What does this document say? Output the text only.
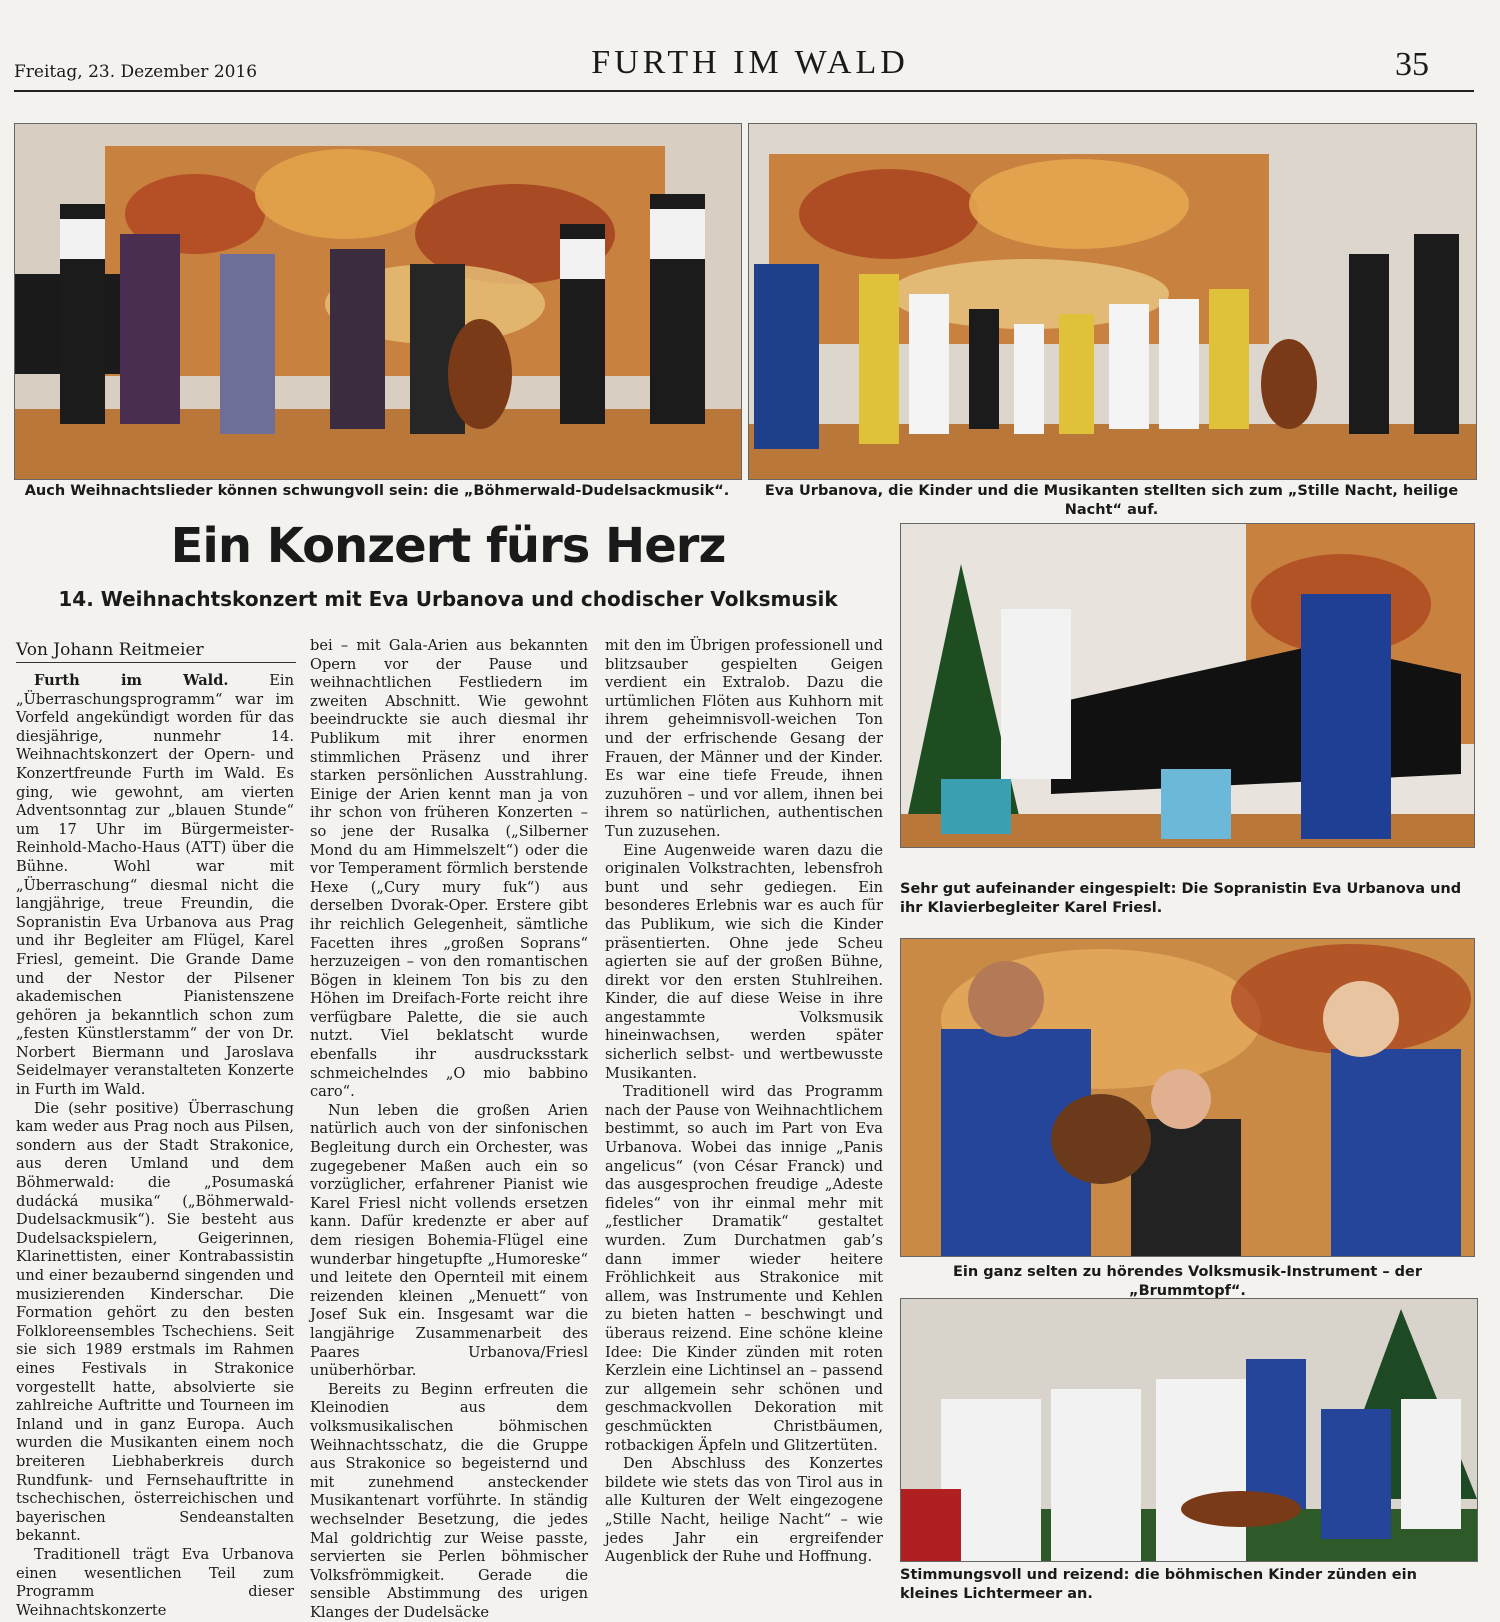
Freitag, 23. Dezember 2016	FURTH IM WALD	35
Auch Weihnachtslieder können schwungvoll sein: die „Böhmerwald-Dudelsackmusik“.	Eva Urbanova, die Kinder und die Musikanten stellten sich zum „Stille Nacht, heilige Nacht“ auf.
Ein Konzert fürs Herz
14. Weihnachtskonzert mit Eva Urbanova und chodischer Volksmusik
Von Johann Reitmeier

Furth im Wald.	Ein „Überraschungsprogramm“ war im Vorfeld angekündigt worden für das diesjährige, nunmehr 14. Weihnachtskonzert der Opern- und Konzertfreunde Furth im Wald. Es ging, wie gewohnt, am vierten Adventsonntag zur „blauen Stunde“ um 17 Uhr im Bürgermeister-Reinhold-Macho-Haus (ATT) über die Bühne. Wohl war mit „Überraschung“ diesmal nicht die langjährige, treue Freundin, die Sopranistin Eva Urbanova aus Prag und ihr Begleiter am Flügel, Karel Friesl, gemeint. Die Grande Dame und der Nestor der Pilsener akademischen Pianistenszene gehören ja bekanntlich schon zum „festen Künstlerstamm“ der von Dr. Norbert Biermann und Jaroslava Seidelmayer veranstalteten Konzerte in Furth im Wald.

Die (sehr positive) Überraschung kam weder aus Prag noch aus Pilsen, sondern aus der Stadt Strakonice, aus deren Umland und dem Böhmerwald: die „Posumaská dudácká musika“ („Böhmerwald-Dudelsackmusik“). Sie besteht aus Dudelsackspielern, Geigerinnen, Klarinettisten, einer Kontrabassistin und einer bezaubernd singenden und musizierenden Kinderschar. Die Formation gehört zu den besten Folkloreensembles Tschechiens. Seit sie sich 1989 erstmals im Rahmen eines Festivals in Strakonice vorgestellt hatte, absolvierte sie zahlreiche Auftritte und Tourneen im Inland und in ganz Europa. Auch wurden die Musikanten einem noch breiteren Liebhaberkreis durch Rundfunk- und Fernsehauftritte in tschechischen, österreichischen und bayerischen Sendeanstalten bekannt.

Traditionell trägt Eva Urbanova einen wesentlichen Teil zum Programm dieser Weihnachtskonzerte

bei – mit Gala-Arien aus bekannten Opern vor der Pause und weihnachtlichen Festliedern im zweiten Abschnitt. Wie gewohnt beeindruckte sie auch diesmal ihr Publikum mit ihrer enormen stimmlichen Präsenz und ihrer starken persönlichen Ausstrahlung. Einige der Arien kennt man ja von ihr schon von früheren Konzerten – so jene der Rusalka („Silberner Mond du am Himmelszelt“) oder die vor Temperament förmlich berstende Hexe („Cury mury fuk“) aus derselben Dvorak-Oper. Erstere gibt ihr reichlich Gelegenheit, sämtliche Facetten ihres „großen Soprans“ herzuzeigen – von den romantischen Bögen in kleinem Ton bis zu den Höhen im Dreifach-Forte reicht ihre verfügbare Palette, die sie auch nutzt. Viel beklatscht wurde ebenfalls ihr ausdrucksstark schmeichelndes „O mio babbino caro“.

Nun leben die großen Arien natürlich auch von der sinfonischen Begleitung durch ein Orchester, was zugegebener Maßen auch ein so vorzüglicher, erfahrener Pianist wie Karel Friesl nicht vollends ersetzen kann. Dafür kredenzte er aber auf dem riesigen Bohemia-Flügel eine wunderbar hingetupfte „Humoreske“ und leitete den Opernteil mit einem reizenden kleinen „Menuett“ von Josef Suk ein. Insgesamt war die langjährige Zusammenarbeit des Paares Urbanova/Friesl unüberhörbar.

Bereits zu Beginn erfreuten die Kleinodien aus dem volksmusikalischen böhmischen Weihnachtsschatz, die die Gruppe aus Strakonice so begeisternd und mit zunehmend ansteckender Musikantenart vorführte. In ständig wechselnder Besetzung, die jedes Mal goldrichtig zur Weise passte, servierten sie Perlen böhmischer Volksfrömmigkeit. Gerade die sensible Abstimmung des urigen Klanges der Dudelsäcke

mit den im Übrigen professionell und blitzsauber gespielten Geigen verdient ein Extralob. Dazu die urtümlichen Flöten aus Kuhhorn mit ihrem geheimnisvoll-weichen Ton und der erfrischende Gesang der Frauen, der Männer und der Kinder. Es war eine tiefe Freude, ihnen zuzuhören – und vor allem, ihnen bei ihrem so natürlichen, authentischen Tun zuzusehen.

Eine Augenweide waren dazu die originalen Volkstrachten, lebensfroh bunt und sehr gediegen. Ein besonderes Erlebnis war es auch für das Publikum, wie sich die Kinder präsentierten. Ohne jede Scheu agierten sie auf der großen Bühne, direkt vor den ersten Stuhlreihen. Kinder, die auf diese Weise in ihre angestammte Volksmusik hineinwachsen, werden später sicherlich selbst- und wertbewusste Musikanten.

Traditionell wird das Programm nach der Pause von Weihnachtlichem bestimmt, so auch im Part von Eva Urbanova. Wobei das innige „Panis angelicus“ (von César Franck) und das ausgesprochen freudige „Adeste fideles“ von ihr einmal mehr mit „festlicher Dramatik“ gestaltet wurden. Zum Durchatmen gab’s dann immer wieder heitere Fröhlichkeit aus Strakonice mit allem, was Instrumente und Kehlen zu bieten hatten – beschwingt und überaus reizend. Eine schöne kleine Idee: Die Kinder zünden mit roten Kerzlein eine Lichtinsel an – passend zur allgemein sehr schönen und geschmackvollen Dekoration mit geschmückten Christbäumen, rotbackigen Äpfeln und Glitzertüten.

Den Abschluss des Konzertes bildete wie stets das von Tirol aus in alle Kulturen der Welt eingezogene „Stille Nacht, heilige Nacht“ – wie jedes Jahr ein ergreifender Augenblick der Ruhe und Hoffnung.

Sehr gut aufeinander eingespielt: Die Sopranistin Eva Urbanova und ihr Klavierbegleiter Karel Friesl.
Ein ganz selten zu hörendes Volksmusik-Instrument – der „Brummtopf“.
Stimmungsvoll und reizend: die böhmischen Kinder zünden ein kleines Lichtermeer an.
